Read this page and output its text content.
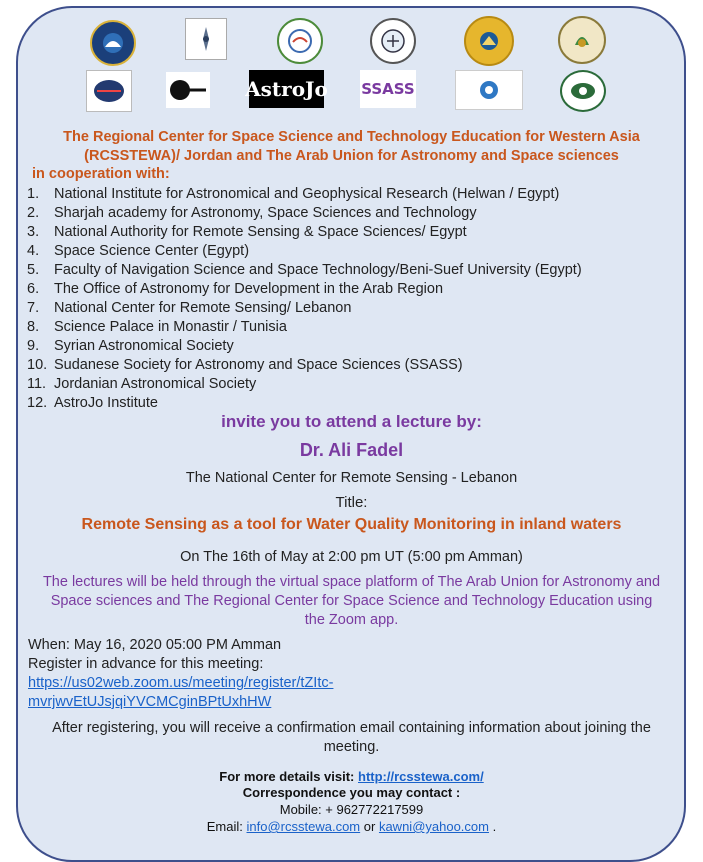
AstroJo SSASS
The Regional Center for Space Science and Technology Education for Western Asia (RCSSTEWA)/ Jordan and The Arab Union for Astronomy and Space sciences
in cooperation with:
1. National Institute for Astronomical and Geophysical Research (Helwan / Egypt)
2. Sharjah academy for Astronomy, Space Sciences and Technology
3. National Authority for Remote Sensing & Space Sciences/ Egypt
4. Space Science Center (Egypt)
5. Faculty of Navigation Science and Space Technology/Beni-Suef University (Egypt)
6. The Office of Astronomy for Development in the Arab Region
7. National Center for Remote Sensing/ Lebanon
8. Science Palace in Monastir / Tunisia
9. Syrian Astronomical Society
10. Sudanese Society for Astronomy and Space Sciences (SSASS)
11. Jordanian Astronomical Society
12. AstroJo Institute
invite you to attend a lecture by:
Dr. Ali Fadel
The National Center for Remote Sensing - Lebanon
Title:
Remote Sensing as a tool for Water Quality Monitoring in inland waters
On The 16th of May at 2:00 pm UT (5:00 pm Amman)
The lectures will be held through the virtual space platform of The Arab Union for Astronomy and Space sciences and The Regional Center for Space Science and Technology Education using the Zoom app.
When: May 16, 2020 05:00 PM Amman
Register in advance for this meeting:
https://us02web.zoom.us/meeting/register/tZItc-
mvrjwvEtUJsjqiYVCMCginBPtUxhHW
After registering, you will receive a confirmation email containing information about joining the meeting.
For more details visit: http://rcsstewa.com/
Correspondence you may contact :
Mobile: + 962772217599
Email: info@rcsstewa.com or kawni@yahoo.com .
